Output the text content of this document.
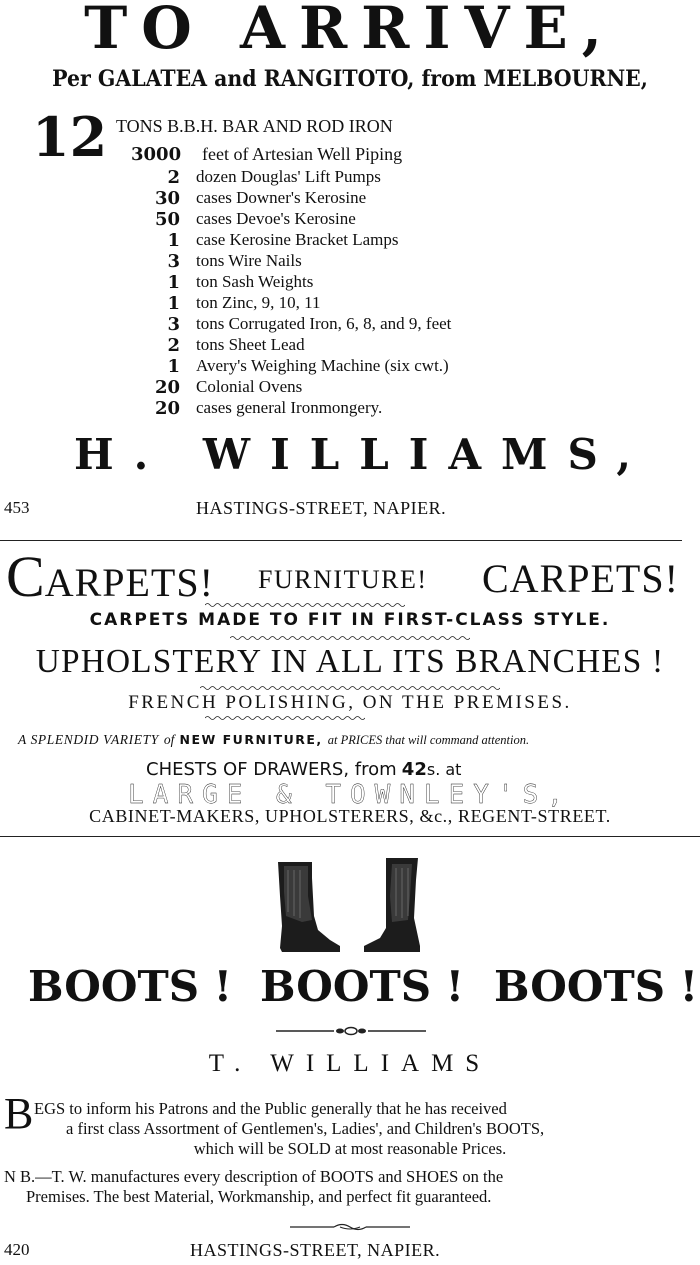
TO ARRIVE,
Per GALATEA and RANGITOTO, from MELBOURNE,
12 TONS B.B.H. BAR AND ROD IRON
3000 feet of Artesian Well Piping
2 dozen Douglas' Lift Pumps
30 cases Downer's Kerosine
50 cases Devoe's Kerosine
1 case Kerosine Bracket Lamps
3 tons Wire Nails
1 ton Sash Weights
1 ton Zinc, 9, 10, 11
3 tons Corrugated Iron, 6, 8, and 9, feet
2 tons Sheet Lead
1 Avery's Weighing Machine (six cwt.)
20 Colonial Ovens
20 cases general Ironmongery.
H. WILLIAMS,
453	HASTINGS-STREET, NAPIER.
CARPETS! FURNITURE! CARPETS!
CARPETS MADE TO FIT IN FIRST-CLASS STYLE.
UPHOLSTERY IN ALL ITS BRANCHES !
FRENCH POLISHING, ON THE PREMISES.
A SPLENDID VARIETY of NEW FURNITURE, at PRICES that will command attention.
CHESTS OF DRAWERS, from 42s. at
LARGE & TOWNLEY'S,
CABINET-MAKERS, UPHOLSTERERS, &c., REGENT-STREET.
BOOTS ! BOOTS ! BOOTS !
T. WILLIAMS
B EGS to inform his Patrons and the Public generally that he has received
a first class Assortment of Gentlemen's, Ladies', and Children's BOOTS,
which will be SOLD at most reasonable Prices.
N B.—T. W. manufactures every description of BOOTS and SHOES on the
Premises. The best Material, Workmanship, and perfect fit guaranteed.
420	HASTINGS-STREET, NAPIER.
